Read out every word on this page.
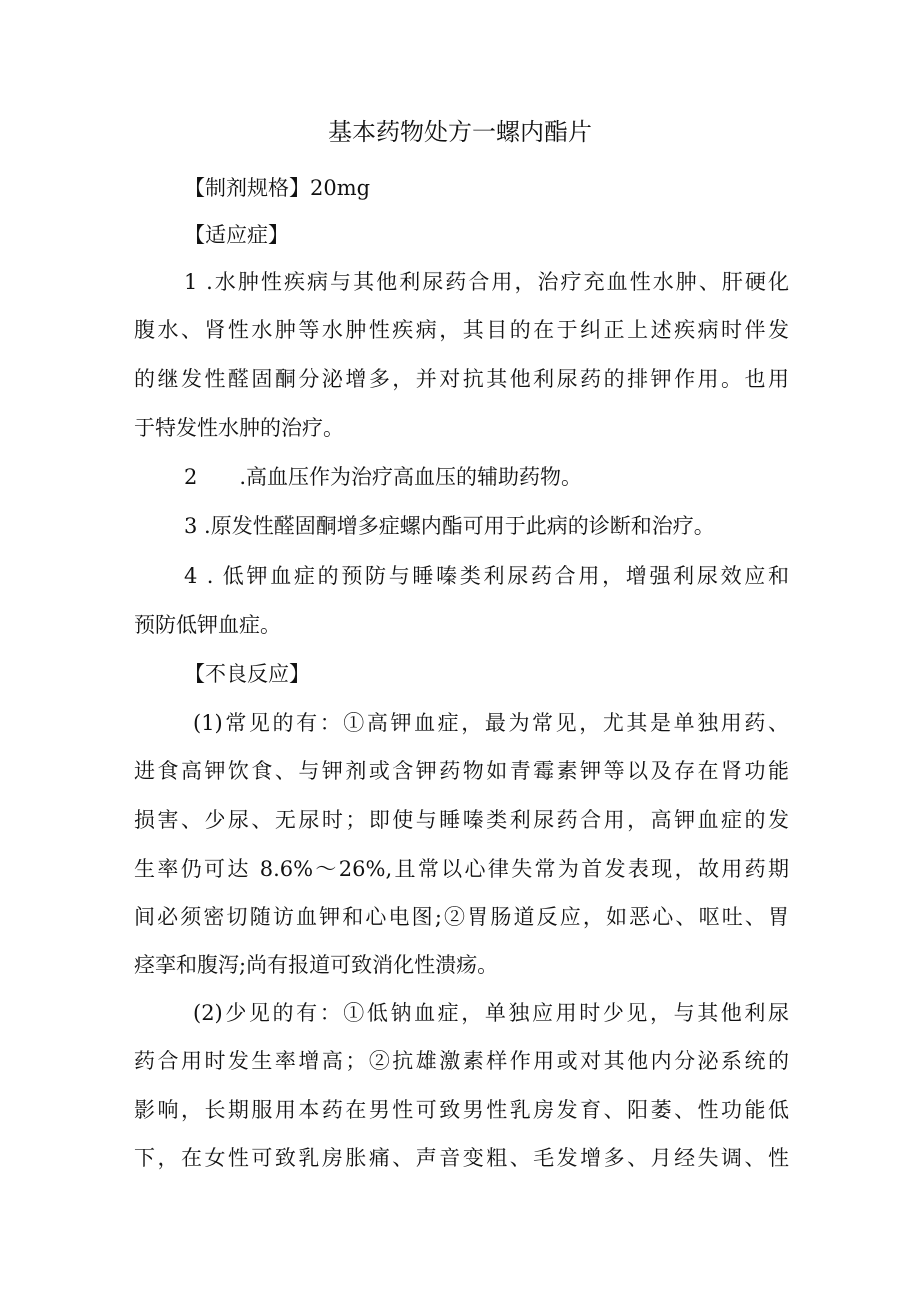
基本药物处方一螺内酯片
【制剂规格】20mg
【适应症】
1 .水肿性疾病与其他利尿药合用，治疗充血性水肿、肝硬化
腹水、肾性水肿等水肿性疾病，其目的在于纠正上述疾病时伴发
的继发性醛固酮分泌增多，并对抗其他利尿药的排钾作用。也用
于特发性水肿的治疗。
2　　.高血压作为治疗高血压的辅助药物。
3 .原发性醛固酮增多症螺内酯可用于此病的诊断和治疗。
4 . 低钾血症的预防与睡嗪类利尿药合用，增强利尿效应和
预防低钾血症。
【不良反应】
(1)常见的有：①高钾血症，最为常见，尤其是单独用药、
进食高钾饮食、与钾剂或含钾药物如青霉素钾等以及存在肾功能
损害、少尿、无尿时；即使与睡嗪类利尿药合用，高钾血症的发
生率仍可达 8.6%～26%,且常以心律失常为首发表现，故用药期
间必须密切随访血钾和心电图;②胃肠道反应，如恶心、呕吐、胃
痉挛和腹泻;尚有报道可致消化性溃疡。
(2)少见的有：①低钠血症，单独应用时少见，与其他利尿
药合用时发生率增高；②抗雄激素样作用或对其他内分泌系统的
影响，长期服用本药在男性可致男性乳房发育、阳萎、性功能低
下，在女性可致乳房胀痛、声音变粗、毛发增多、月经失调、性
